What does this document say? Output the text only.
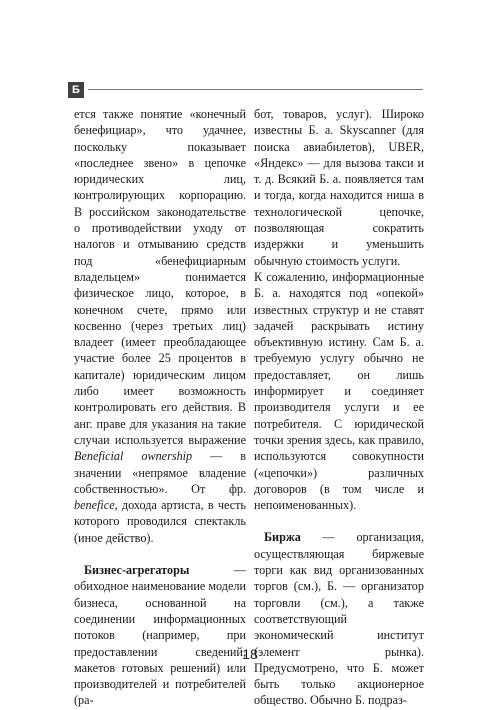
Б

ется также понятие «конечный бенефициар», что удачнее, поскольку показывает «последнее звено» в цепочке юридических лиц, контролирующих корпорацию. В российском законодательстве о противодействии уходу от налогов и отмыванию средств под «бенефициарным владельцем» понимается физическое лицо, которое, в конечном счете, прямо или косвенно (через третьих лиц) владеет (имеет преобладающее участие более 25 процентов в капитале) юридическим лицом либо имеет возможность контролировать его действия. В анг. праве для указания на такие случаи используется выражение Beneficial ownership — в значении «непрямое владение собственностью». От фр. benefice, дохода артиста, в честь которого проводился спектакль (иное действо).

Бизнес-агрегаторы	— обиходное наименование модели бизнеса, основанной на соединении информационных потоков (например, при предоставлении сведений, макетов готовых решений) или производителей и потребителей (ра-

бот, товаров, услуг). Широко известны Б. а. Skyscanner (для поиска авиабилетов), UBER, «Яндекс» — для вызова такси и т. д. Всякий Б. а. появляется там и тогда, когда находится ниша в технологической цепочке, позволяющая сократить издержки и уменьшить обычную стоимость услуги.

К сожалению, информационные Б. а. находятся под «опекой» известных структур и не ставят задачей раскрывать истину объективную истину. Сам Б. а. требуемую услугу обычно не предоставляет, он лишь информирует и соединяет производителя услуги и ее потребителя. С юридической точки зрения здесь, как правило, используются совокупности («цепочки») различных договоров (в том числе и непоименованных).

Биржа — организация, осуществляющая биржевые торги как вид организованных торгов (см.), Б. — организатор торговли (см.), а также соответствующий экономический институт (элемент рынка). Предусмотрено, что Б. может быть только акционерное общество. Обычно Б. подраз-

18
